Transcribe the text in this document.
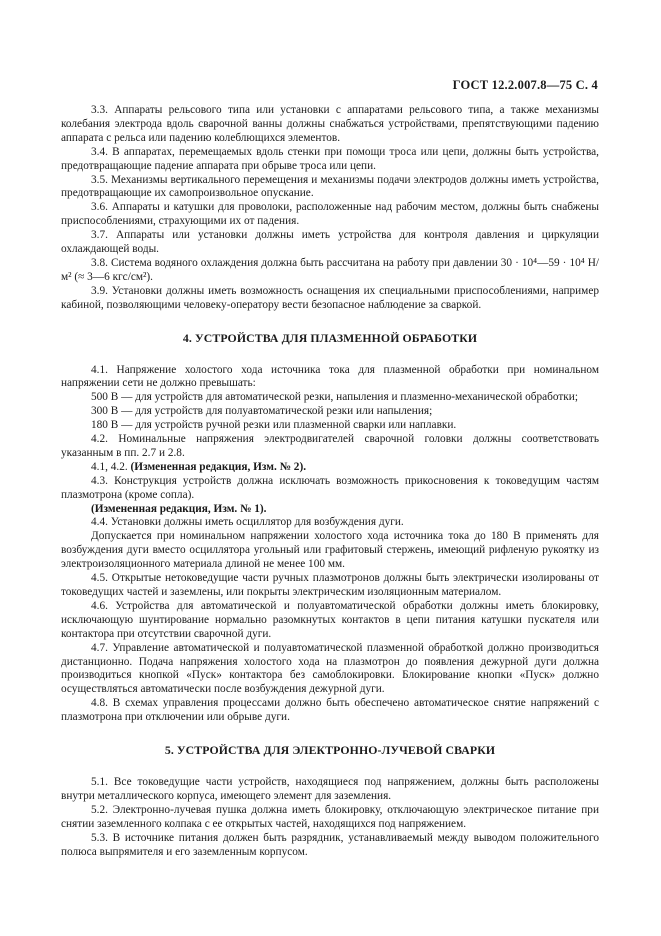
ГОСТ 12.2.007.8—75 С. 4

3.3. Аппараты рельсового типа или установки с аппаратами рельсового типа, а также механизмы колебания электрода вдоль сварочной ванны должны снабжаться устройствами, препятствующими падению аппарата с рельса или падению колеблющихся элементов.

3.4. В аппаратах, перемещаемых вдоль стенки при помощи троса или цепи, должны быть устройства, предотвращающие падение аппарата при обрыве троса или цепи.

3.5. Механизмы вертикального перемещения и механизмы подачи электродов должны иметь устройства, предотвращающие их самопроизвольное опускание.

3.6. Аппараты и катушки для проволоки, расположенные над рабочим местом, должны быть снабжены приспособлениями, страхующими их от падения.

3.7. Аппараты или установки должны иметь устройства для контроля давления и циркуляции охлаждающей воды.

3.8. Система водяного охлаждения должна быть рассчитана на работу при давлении 30 · 10⁴—59 · 10⁴ Н/м² (≈ 3—6 кгс/см²).

3.9. Установки должны иметь возможность оснащения их специальными приспособлениями, например кабиной, позволяющими человеку-оператору вести безопасное наблюдение за сваркой.

4. УСТРОЙСТВА ДЛЯ ПЛАЗМЕННОЙ ОБРАБОТКИ

4.1. Напряжение холостого хода источника тока для плазменной обработки при номинальном напряжении сети не должно превышать:

500 В — для устройств для автоматической резки, напыления и плазменно-механической обработки;

300 В — для устройств для полуавтоматической резки или напыления;

180 В — для устройств ручной резки или плазменной сварки или наплавки.

4.2. Номинальные напряжения электродвигателей сварочной головки должны соответствовать указанным в пп. 2.7 и 2.8.

4.1, 4.2. (Измененная редакция, Изм. № 2).

4.3. Конструкция устройств должна исключать возможность прикосновения к токоведущим частям плазмотрона (кроме сопла).

(Измененная редакция, Изм. № 1).

4.4. Установки должны иметь осциллятор для возбуждения дуги.

Допускается при номинальном напряжении холостого хода источника тока до 180 В применять для возбуждения дуги вместо осциллятора угольный или графитовый стержень, имеющий рифленую рукоятку из электроизоляционного материала длиной не менее 100 мм.

4.5. Открытые нетоковедущие части ручных плазмотронов должны быть электрически изолированы от токоведущих частей и заземлены, или покрыты электрическим изоляционным материалом.

4.6. Устройства для автоматической и полуавтоматической обработки должны иметь блокировку, исключающую шунтирование нормально разомкнутых контактов в цепи питания катушки пускателя или контактора при отсутствии сварочной дуги.

4.7. Управление автоматической и полуавтоматической плазменной обработкой должно производиться дистанционно. Подача напряжения холостого хода на плазмотрон до появления дежурной дуги должна производиться кнопкой «Пуск» контактора без самоблокировки. Блокирование кнопки «Пуск» должно осуществляться автоматически после возбуждения дежурной дуги.

4.8. В схемах управления процессами должно быть обеспечено автоматическое снятие напряжений с плазмотрона при отключении или обрыве дуги.

5. УСТРОЙСТВА ДЛЯ ЭЛЕКТРОННО-ЛУЧЕВОЙ СВАРКИ

5.1. Все токоведущие части устройств, находящиеся под напряжением, должны быть расположены внутри металлического корпуса, имеющего элемент для заземления.

5.2. Электронно-лучевая пушка должна иметь блокировку, отключающую электрическое питание при снятии заземленного колпака с ее открытых частей, находящихся под напряжением.

5.3. В источнике питания должен быть разрядник, устанавливаемый между выводом положительного полюса выпрямителя и его заземленным корпусом.
